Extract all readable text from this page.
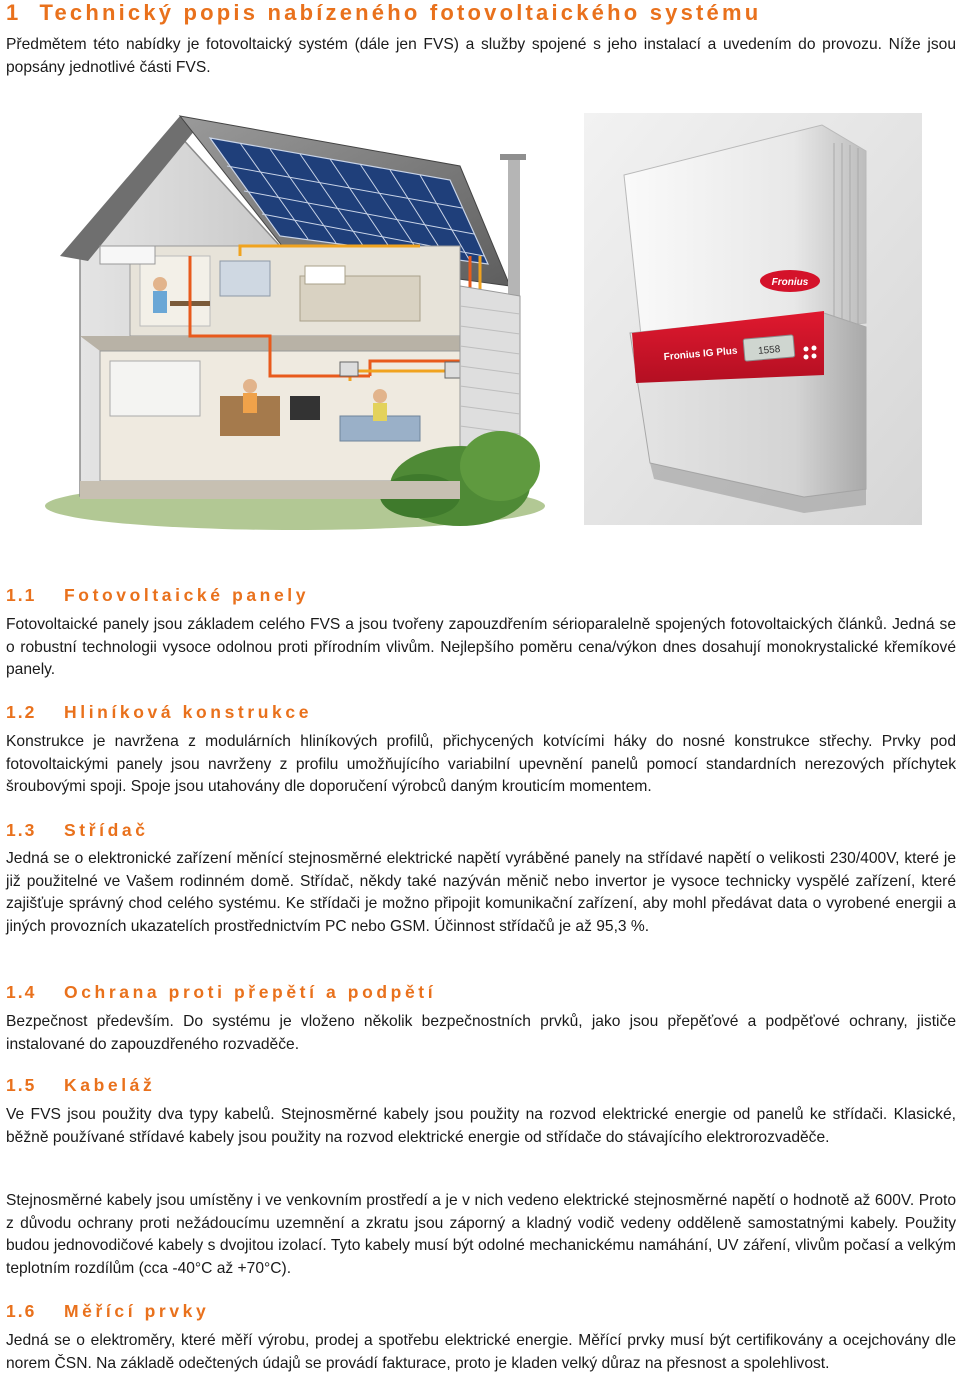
1 Technický popis nabízeného fotovoltaického systému

Předmětem této nabídky je fotovoltaický systém (dále jen FVS) a služby spojené s jeho instalací a uvedením do provozu. Níže jsou popsány jednotlivé části FVS.

Fronius
Fronius IG Plus 1558
1.1 Fotovoltaické panely

Fotovoltaické panely jsou základem celého FVS a jsou tvořeny zapouzdřením sérioparalelně spojených fotovoltaických článků. Jedná se o robustní technologii vysoce odolnou proti přírodním vlivům. Nejlepšího poměru cena/výkon dnes dosahují monokrystalické křemíkové panely.

1.2 Hliníková konstrukce

Konstrukce je navržena z modulárních hliníkových profilů, přichycených kotvícími háky do nosné konstrukce střechy. Prvky pod fotovoltaickými panely jsou navrženy z profilu umožňujícího variabilní upevnění panelů pomocí standardních nerezových příchytek šroubovými spoji. Spoje jsou utahovány dle doporučení výrobců daným krouticím momentem.

1.3 Střídač

Jedná se o elektronické zařízení měnící stejnosměrné elektrické napětí vyráběné panely na střídavé napětí o velikosti 230/400V, které je již použitelné ve Vašem rodinném domě. Střídač, někdy také nazýván měnič nebo invertor je vysoce technicky vyspělé zařízení, které zajišťuje správný chod celého systému. Ke střídači je možno připojit komunikační zařízení, aby mohl předávat data o vyrobené energii a jiných provozních ukazatelích prostřednictvím PC nebo GSM. Účinnost střídačů je až 95,3 %.

1.4 Ochrana proti přepětí a podpětí

Bezpečnost především. Do systému je vloženo několik bezpečnostních prvků, jako jsou přepěťové a podpěťové ochrany, jističe instalované do zapouzdřeného rozvaděče.

1.5 Kabeláž

Ve FVS jsou použity dva typy kabelů. Stejnosměrné kabely jsou použity na rozvod elektrické energie od panelů ke střídači. Klasické, běžně používané střídavé kabely jsou použity na rozvod elektrické energie od střídače do stávajícího elektrorozvaděče.

Stejnosměrné kabely jsou umístěny i ve venkovním prostředí a je v nich vedeno elektrické stejnosměrné napětí o hodnotě až 600V. Proto z důvodu ochrany proti nežádoucímu uzemnění a zkratu jsou záporný a kladný vodič vedeny odděleně samostatnými kabely. Použity budou jednovodičové kabely s dvojitou izolací. Tyto kabely musí být odolné mechanickému namáhání, UV záření, vlivům počasí a velkým teplotním rozdílům (cca -40°C až +70°C).

1.6 Měřící prvky

Jedná se o elektroměry, které měří výrobu, prodej a spotřebu elektrické energie. Měřící prvky musí být certifikovány a ocejchovány dle norem ČSN. Na základě odečtených údajů se provádí fakturace, proto je kladen velký důraz na přesnost a spolehlivost.
